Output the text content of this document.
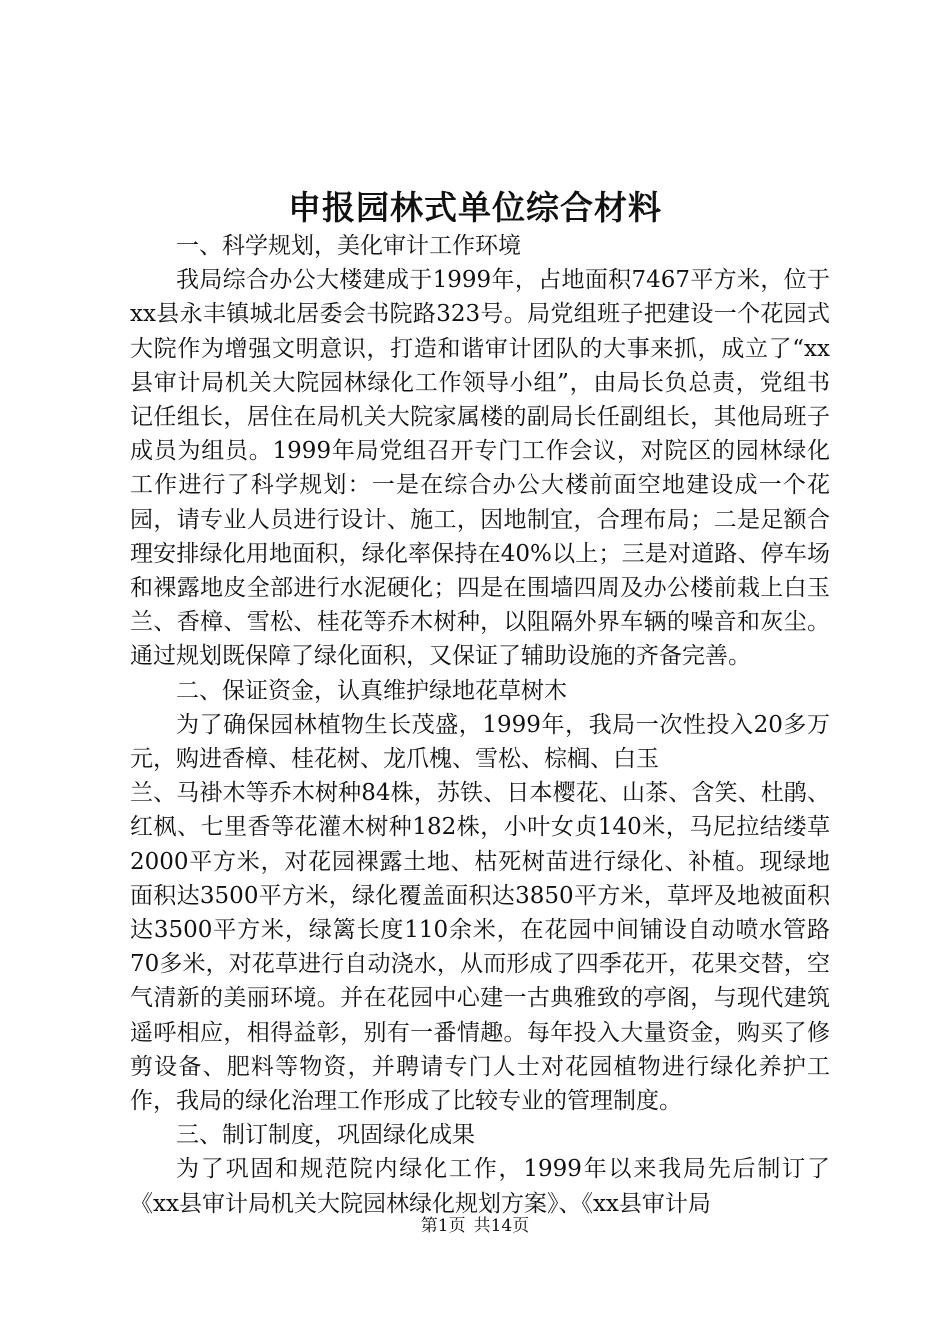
申报园林式单位综合材料

一、科学规划，美化审计工作环境

我局综合办公大楼建成于1999年，占地面积7467平方米，位于xx县永丰镇城北居委会书院路323号。局党组班子把建设一个花园式大院作为增强文明意识，打造和谐审计团队的大事来抓，成立了“xx县审计局机关大院园林绿化工作领导小组”，由局长负总责，党组书记任组长，居住在局机关大院家属楼的副局长任副组长，其他局班子成员为组员。1999年局党组召开专门工作会议，对院区的园林绿化工作进行了科学规划：一是在综合办公大楼前面空地建设成一个花园，请专业人员进行设计、施工，因地制宜，合理布局；二是足额合理安排绿化用地面积，绿化率保持在40%以上；三是对道路、停车场和裸露地皮全部进行水泥硬化；四是在围墙四周及办公楼前栽上白玉兰、香樟、雪松、桂花等乔木树种，以阻隔外界车辆的噪音和灰尘。通过规划既保障了绿化面积，又保证了辅助设施的齐备完善。

二、保证资金，认真维护绿地花草树木

为了确保园林植物生长茂盛，1999年，我局一次性投入20多万元，购进香樟、桂花树、龙爪槐、雪松、棕榈、白玉

兰、马褂木等乔木树种84株，苏铁、日本樱花、山茶、含笑、杜鹃、红枫、七里香等花灌木树种182株，小叶女贞140米，马尼拉结缕草2000平方米，对花园裸露土地、枯死树苗进行绿化、补植。现绿地面积达3500平方米，绿化覆盖面积达3850平方米，草坪及地被面积达3500平方米，绿篱长度110余米，在花园中间铺设自动喷水管路70多米，对花草进行自动浇水，从而形成了四季花开，花果交替，空气清新的美丽环境。并在花园中心建一古典雅致的亭阁，与现代建筑遥呼相应，相得益彰，别有一番情趣。每年投入大量资金，购买了修剪设备、肥料等物资，并聘请专门人士对花园植物进行绿化养护工作，我局的绿化治理工作形成了比较专业的管理制度。

三、制订制度，巩固绿化成果

为了巩固和规范院内绿化工作，1999年以来我局先后制订了《xx县审计局机关大院园林绿化规划方案》、《xx县审计局

第1页 共14页
